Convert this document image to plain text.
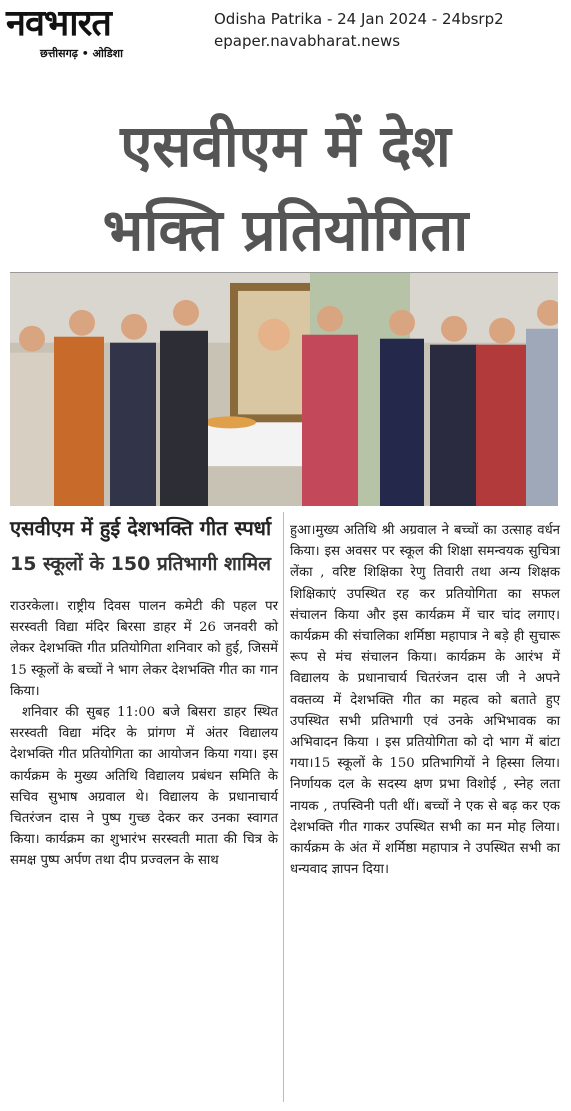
नवभारत
छत्तीसगढ़ • ओडिशा
Odisha Patrika - 24 Jan 2024 - 24bsrp2
epaper.navabharat.news
एसवीएम में देश
भक्ति प्रतियोगिता
एसवीएम में हुई देशभक्ति गीत स्पर्धा
15 स्कूलों के 150 प्रतिभागी शामिल

राउरकेला। राष्ट्रीय दिवस पालन कमेटी की पहल पर सरस्वती विद्या मंदिर बिरसा डाहर में 26 जनवरी को लेकर देशभक्ति गीत प्रतियोगिता शनिवार को हुई, जिसमें 15 स्कूलों के बच्चों ने भाग लेकर देशभक्ति गीत का गान किया।

शनिवार की सुबह 11:00 बजे बिसरा डाहर स्थित सरस्वती विद्या मंदिर के प्रांगण में अंतर विद्यालय देशभक्ति गीत प्रतियोगिता का आयोजन किया गया। इस कार्यक्रम के मुख्य अतिथि विद्यालय प्रबंधन समिति के सचिव सुभाष अग्रवाल थे। विद्यालय के प्रधानाचार्य चितरंजन दास ने पुष्प गुच्छ देकर कर उनका स्वागत किया। कार्यक्रम का शुभारंभ सरस्वती माता की चित्र के समक्ष पुष्प अर्पण तथा दीप प्रज्वलन के साथ

हुआ।मुख्य अतिथि श्री अग्रवाल ने बच्चों का उत्साह वर्धन किया। इस अवसर पर स्कूल की शिक्षा समन्वयक सुचित्रा लेंका , वरिष्ट शिक्षिका रेणु तिवारी तथा अन्य शिक्षक शिक्षिकाएं उपस्थित रह कर प्रतियोगिता का सफल संचालन किया और इस कार्यक्रम में चार चांद लगाए।कार्यक्रम की संचालिका शर्मिष्ठा महापात्र ने बड़े ही सुचारू रूप से मंच संचालन किया। कार्यक्रम के आरंभ में विद्यालय के प्रधानाचार्य चितरंजन दास जी ने अपने वक्तव्य में देशभक्ति गीत का महत्व को बताते हुए उपस्थित सभी प्रतिभागी एवं उनके अभिभावक का अभिवादन किया । इस प्रतियोगिता को दो भाग में बांटा गया।15 स्कूलों के 150 प्रतिभागियों ने हिस्सा लिया। निर्णायक दल के सदस्य क्षण प्रभा विशोई , स्नेह लता नायक , तपस्विनी पती थीं। बच्चों ने एक से बढ़ कर एक देशभक्ति गीत गाकर उपस्थित सभी का मन मोह लिया। कार्यक्रम के अंत में शर्मिष्ठा महापात्र ने उपस्थित सभी का धन्यवाद ज्ञापन दिया।
